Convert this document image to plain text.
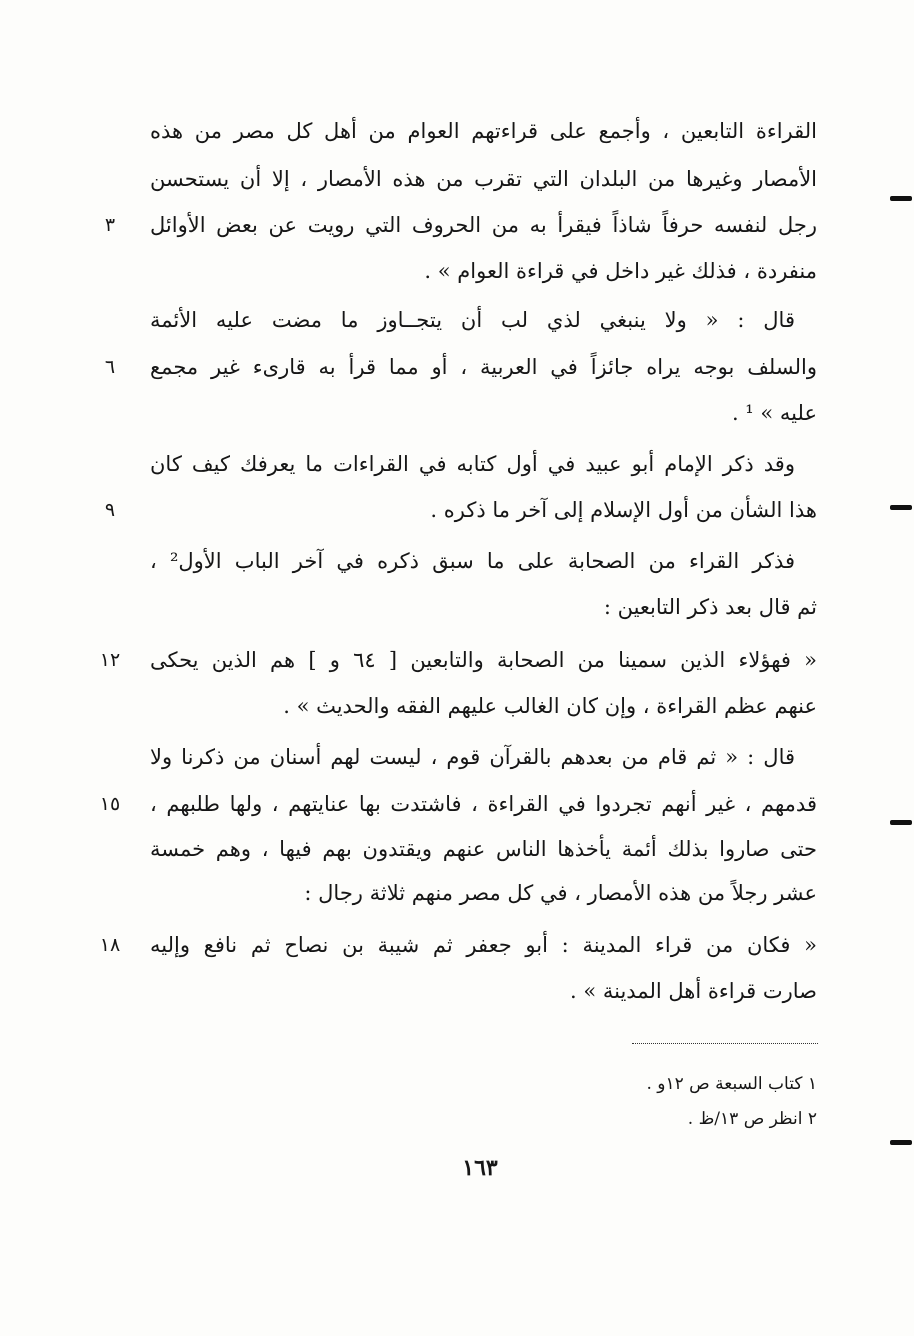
القراءة التابعين ، وأجمع على قراءتهم العوام من أهل كل مصر من هذه
الأمصار وغيرها من البلدان التي تقرب من هذه الأمصار ، إلا أن يستحسن
رجل لنفسه حرفاً شاذاً فيقرأ به من الحروف التي رويت عن بعض الأوائل
منفردة ، فذلك غير داخل في قراءة العوام » .
قال : « ولا ينبغي لذي لب أن يتجــاوز ما مضت عليه الأئمة
والسلف بوجه يراه جائزاً في العربية ، أو مما قرأ به قارىء غير مجمع
عليه » ¹ .
وقد ذكر الإمام أبو عبيد في أول كتابه في القراءات ما يعرفك كيف كان
هذا الشأن من أول الإسلام إلى آخر ما ذكره .
فذكر القراء من الصحابة على ما سبق ذكره في آخر الباب الأول² ،
ثم قال بعد ذكر التابعين :
« فهؤلاء الذين سمينا من الصحابة والتابعين [ ٦٤ و ] هم الذين يحكى
عنهم عظم القراءة ، وإن كان الغالب عليهم الفقه والحديث » .
قال : « ثم قام من بعدهم بالقرآن قوم ، ليست لهم أسنان من ذكرنا ولا
قدمهم ، غير أنهم تجردوا في القراءة ، فاشتدت بها عنايتهم ، ولها طلبهم ،
حتى صاروا بذلك أئمة يأخذها الناس عنهم ويقتدون بهم فيها ، وهم خمسة
عشر رجلاً من هذه الأمصار ، في كل مصر منهم ثلاثة رجال :
« فكان من قراء المدينة : أبو جعفر ثم شيبة بن نصاح ثم نافع وإليه
صارت قراءة أهل المدينة » .
٣
٦
٩
١٢
١٥
١٨
١ كتاب السبعة ص ١٢و .
٢ انظر ص ١٣/ظ .
١٦٣
